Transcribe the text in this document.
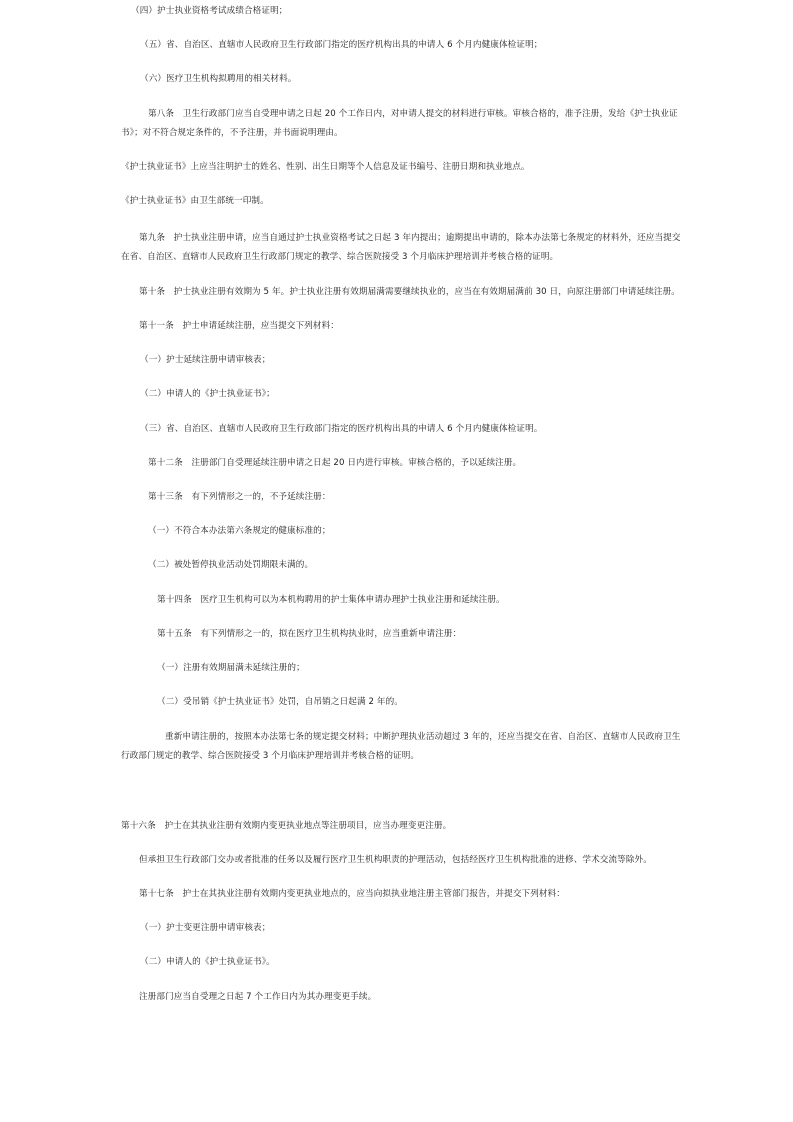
（四）护士执业资格考试成绩合格证明；
（五）省、自治区、直辖市人民政府卫生行政部门指定的医疗机构出具的申请人 6 个月内健康体检证明；
（六）医疗卫生机构拟聘用的相关材料。
第八条　卫生行政部门应当自受理申请之日起 20 个工作日内，对申请人提交的材料进行审核。审核合格的，准予注册，发给《护士执业证
书》；对不符合规定条件的，不予注册，并书面说明理由。
《护士执业证书》上应当注明护士的姓名、性别、出生日期等个人信息及证书编号、注册日期和执业地点。
《护士执业证书》由卫生部统一印制。
第九条　护士执业注册申请，应当自通过护士执业资格考试之日起 3 年内提出；逾期提出申请的，除本办法第七条规定的材料外，还应当提交
在省、自治区、直辖市人民政府卫生行政部门规定的教学、综合医院接受 3 个月临床护理培训并考核合格的证明。
第十条　护士执业注册有效期为 5 年。护士执业注册有效期届满需要继续执业的，应当在有效期届满前 30 日，向原注册部门申请延续注册。
第十一条　护士申请延续注册，应当提交下列材料：
（一）护士延续注册申请审核表；
（二）申请人的《护士执业证书》；
（三）省、自治区、直辖市人民政府卫生行政部门指定的医疗机构出具的申请人 6 个月内健康体检证明。
第十二条　注册部门自受理延续注册申请之日起 20 日内进行审核。审核合格的，予以延续注册。
第十三条　有下列情形之一的，不予延续注册：
（一）不符合本办法第六条规定的健康标准的；
（二）被处暂停执业活动处罚期限未满的。
第十四条　医疗卫生机构可以为本机构聘用的护士集体申请办理护士执业注册和延续注册。
第十五条　有下列情形之一的，拟在医疗卫生机构执业时，应当重新申请注册：
（一）注册有效期届满未延续注册的；
（二）受吊销《护士执业证书》处罚，自吊销之日起满 2 年的。
重新申请注册的，按照本办法第七条的规定提交材料；中断护理执业活动超过 3 年的，还应当提交在省、自治区、直辖市人民政府卫生
行政部门规定的教学、综合医院接受 3 个月临床护理培训并考核合格的证明。
第十六条　护士在其执业注册有效期内变更执业地点等注册项目，应当办理变更注册。
但承担卫生行政部门交办或者批准的任务以及履行医疗卫生机构职责的护理活动，包括经医疗卫生机构批准的进修、学术交流等除外。
第十七条　护士在其执业注册有效期内变更执业地点的，应当向拟执业地注册主管部门报告，并提交下列材料：
（一）护士变更注册申请审核表；
（二）申请人的《护士执业证书》。
注册部门应当自受理之日起 7 个工作日内为其办理变更手续。
